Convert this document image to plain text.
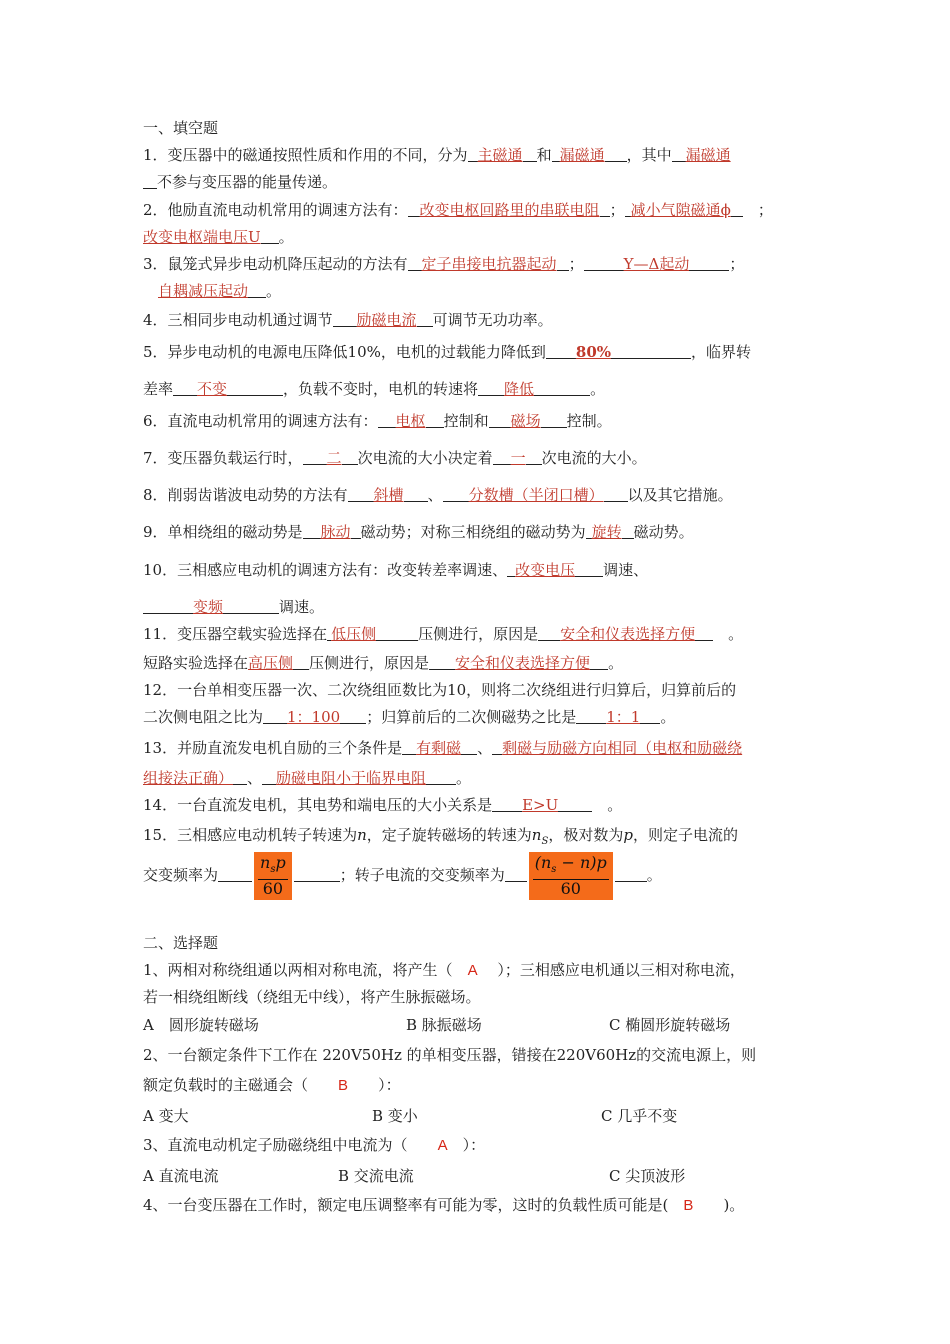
一、填空题
1．变压器中的磁通按照性质和作用的不同，分为 主磁通 和 漏磁通 ，其中 漏磁通
不参与变压器的能量传递。
2．他励直流电动机常用的调速方法有： 改变电枢回路里的串联电阻 ； 减小气隙磁通ϕ　；
改变电枢端电压U 。
3．鼠笼式异步电动机降压起动的方法有 定子串接电抗器起动 ；	Y—Δ起动	；
自耦减压起动 。
4．三相同步电动机通过调节 励磁电流 可调节无功功率。
5．异步电动机的电源电压降低10%，电机的过载能力降低到 80%	，临界转
差率 不变	，负载不变时，电机的转速将 降低	。
6．直流电动机常用的调速方法有： 电枢 控制和 磁场 控制。
7．变压器负载运行时， 二 次电流的大小决定着 一 次电流的大小。
8．削弱齿谐波电动势的方法有 斜槽 、 分数槽（半闭口槽） 以及其它措施。
9．单相绕组的磁动势是 脉动 磁动势；对称三相绕组的磁动势为 旋转 磁动势。
10．三相感应电动机的调速方法有：改变转差率调速、 改变电压 调速、
变频	调速。
11．变压器空载实验选择在 低压侧	压侧进行，原因是 安全和仪表选择方便　 。
短路实验选择在高压侧 压侧进行，原因是 安全和仪表选择方便 。
12．一台单相变压器一次、二次绕组匝数比为10，则将二次绕组进行归算后，归算前后的
二次侧电阻之比为 1：100 ；归算前后的二次侧磁势之比是 1：1 。
13．并励直流发电机自励的三个条件是 有剩磁 、 剩磁与励磁方向相同（电枢和励磁绕
组接法正确） 、 励磁电阻小于临界电阻 。
14．一台直流发电机，其电势和端电压的大小关系是 E>U　	。
15．三相感应电动机转子转速为n，定子旋转磁场的转速为$n_S$，极对数为p，则定子电流的
交变频率为 $\frac{n_sp}{60}$	；转子电流的交变频率为 $\frac{(n_s - n)p}{60}$ 。
二、选择题
1、两相对称绕组通以两相对称电流，将产生（　 A　 ）；三相感应电机通以三相对称电流，
若一相绕组断线（绕组无中线），将产生脉振磁场。
A　圆形旋转磁场	B 脉振磁场	C 椭圆形旋转磁场
2、一台额定条件下工作在 220V50Hz 的单相变压器，错接在220V60Hz的交流电源上，则
额定负载时的主磁通会（　　 B　　 ）：
A 变大	B 变小	C 几乎不变
3、直流电动机定子励磁绕组中电流为（　　 A　 ）：
A 直流电流	B 交流电流	C 尖顶波形
4、一台变压器在工作时，额定电压调整率有可能为零，这时的负载性质可能是(　 B　　 )。
